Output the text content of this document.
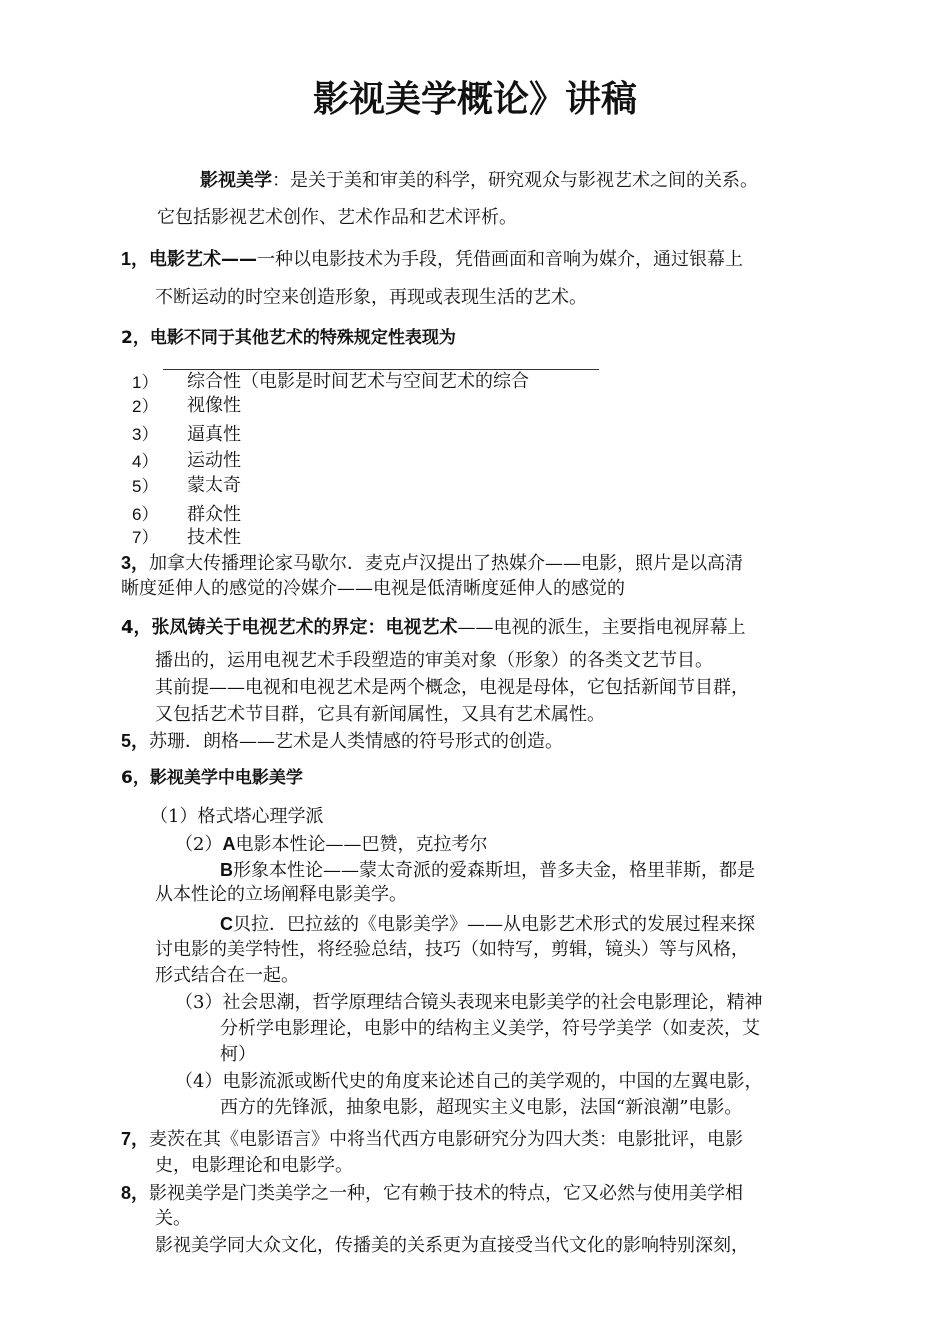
影视美学概论》讲稿
影视美学：是关于美和审美的科学，研究观众与影视艺术之间的关系。
它包括影视艺术创作、艺术作品和艺术评析。
1，电影艺术——一种以电影技术为手段，凭借画面和音响为媒介，通过银幕上
不断运动的时空来创造形象，再现或表现生活的艺术。
2，电影不同于其他艺术的特殊规定性表现为
1） 综合性（电影是时间艺术与空间艺术的综合
2） 视像性
3） 逼真性
4） 运动性
5） 蒙太奇
6） 群众性
7） 技术性
3，加拿大传播理论家马歇尔．麦克卢汉提出了热媒介——电影，照片是以高清
晰度延伸人的感觉的冷媒介——电视是低清晰度延伸人的感觉的
4，张凤铸关于电视艺术的界定：电视艺术——电视的派生，主要指电视屏幕上
播出的，运用电视艺术手段塑造的审美对象（形象）的各类文艺节目。
其前提——电视和电视艺术是两个概念，电视是母体，它包括新闻节目群，
又包括艺术节目群，它具有新闻属性，又具有艺术属性。
5，苏珊．朗格——艺术是人类情感的符号形式的创造。
6，影视美学中电影美学
（1）格式塔心理学派
（2）A电影本性论——巴赞，克拉考尔
B形象本性论——蒙太奇派的爱森斯坦，普多夫金，格里菲斯，都是
从本性论的立场阐释电影美学。
C贝拉．巴拉兹的《电影美学》——从电影艺术形式的发展过程来探
讨电影的美学特性，将经验总结，技巧（如特写，剪辑，镜头）等与风格，
形式结合在一起。
（3）社会思潮，哲学原理结合镜头表现来电影美学的社会电影理论，精神
分析学电影理论，电影中的结构主义美学，符号学美学（如麦茨，艾
柯）
（4）电影流派或断代史的角度来论述自己的美学观的，中国的左翼电影，
西方的先锋派，抽象电影，超现实主义电影，法国“新浪潮”电影。
7，麦茨在其《电影语言》中将当代西方电影研究分为四大类：电影批评，电影
史，电影理论和电影学。
8，影视美学是门类美学之一种，它有赖于技术的特点，它又必然与使用美学相
关。
影视美学同大众文化，传播美的关系更为直接受当代文化的影响特别深刻，
